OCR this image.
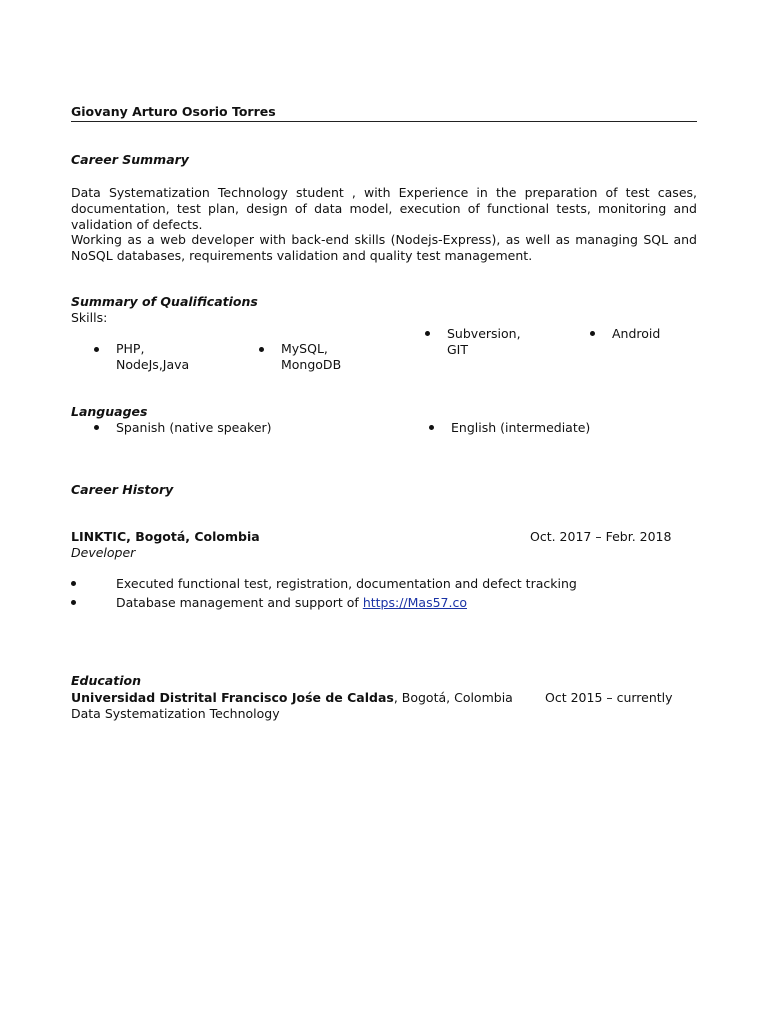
Giovany Arturo Osorio Torres
Career Summary
Data Systematization Technology student , with Experience in the preparation of test cases, documentation, test plan, design of data model, execution of functional tests, monitoring and validation of defects.
Working as a web developer with back-end skills (Nodejs-Express), as well as managing SQL and NoSQL databases, requirements validation and quality test management.
Summary of Qualifications
Skills:
PHP,
NodeJs,Java
MySQL,
MongoDB
Subversion,
GIT
Android
Languages
Spanish (native speaker)	English (intermediate)
Career History
LINKTIC, Bogotá, Colombia	Oct. 2017 – Febr. 2018
Developer
Executed functional test, registration, documentation and defect tracking
Database management and support of https://Mas57.co
Education
Universidad Distrital Francisco Jośe de Caldas, Bogotá, Colombia	Oct 2015 – currently
Data Systematization Technology
